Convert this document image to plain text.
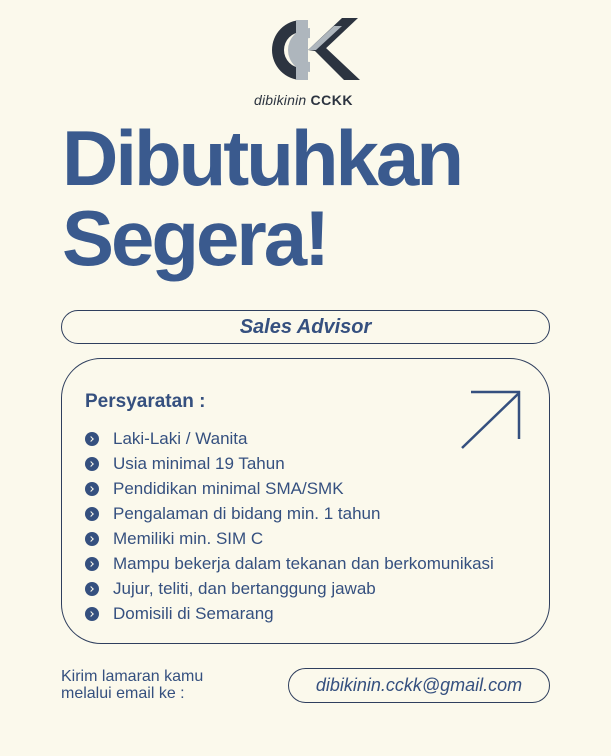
dibikinin CCKK
Dibutuhkan
Segera!
Sales Advisor
Persyaratan :
Laki-Laki / Wanita
Usia minimal 19 Tahun
Pendidikan minimal SMA/SMK
Pengalaman di bidang min. 1 tahun
Memiliki min. SIM C
Mampu bekerja dalam tekanan dan berkomunikasi
Jujur, teliti, dan bertanggung jawab
Domisili di Semarang
Kirim lamaran kamu
melalui email ke :	dibikinin.cckk@gmail.com
